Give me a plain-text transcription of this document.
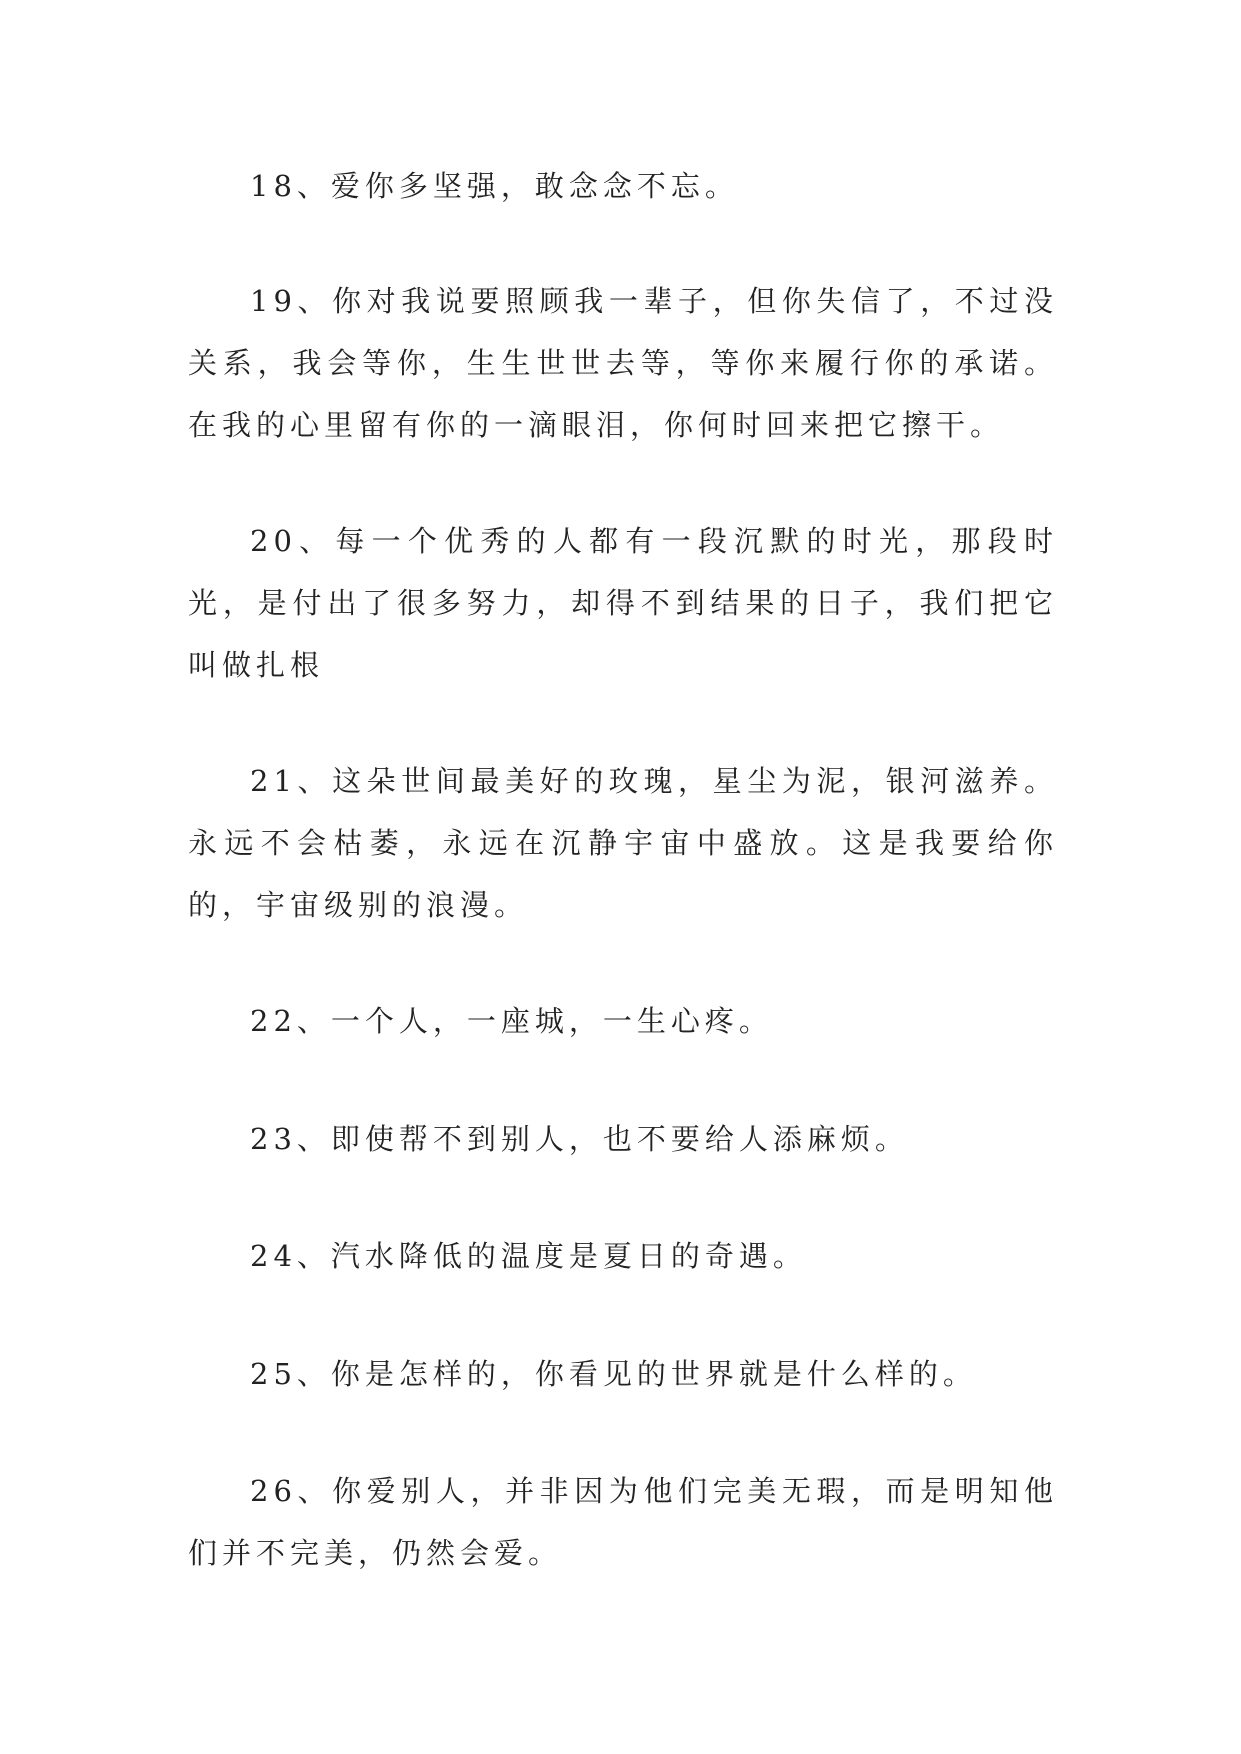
18、爱你多坚强，敢念念不忘。

19、你对我说要照顾我一辈子，但你失信了，不过没关系，我会等你，生生世世去等，等你来履行你的承诺。在我的心里留有你的一滴眼泪，你何时回来把它擦干。

20、每一个优秀的人都有一段沉默的时光，那段时光，是付出了很多努力，却得不到结果的日子，我们把它叫做扎根

21、这朵世间最美好的玫瑰，星尘为泥，银河滋养。永远不会枯萎，永远在沉静宇宙中盛放。这是我要给你的，宇宙级别的浪漫。

22、一个人，一座城，一生心疼。

23、即使帮不到别人，也不要给人添麻烦。

24、汽水降低的温度是夏日的奇遇。

25、你是怎样的，你看见的世界就是什么样的。

26、你爱别人，并非因为他们完美无瑕，而是明知他们并不完美，仍然会爱。
